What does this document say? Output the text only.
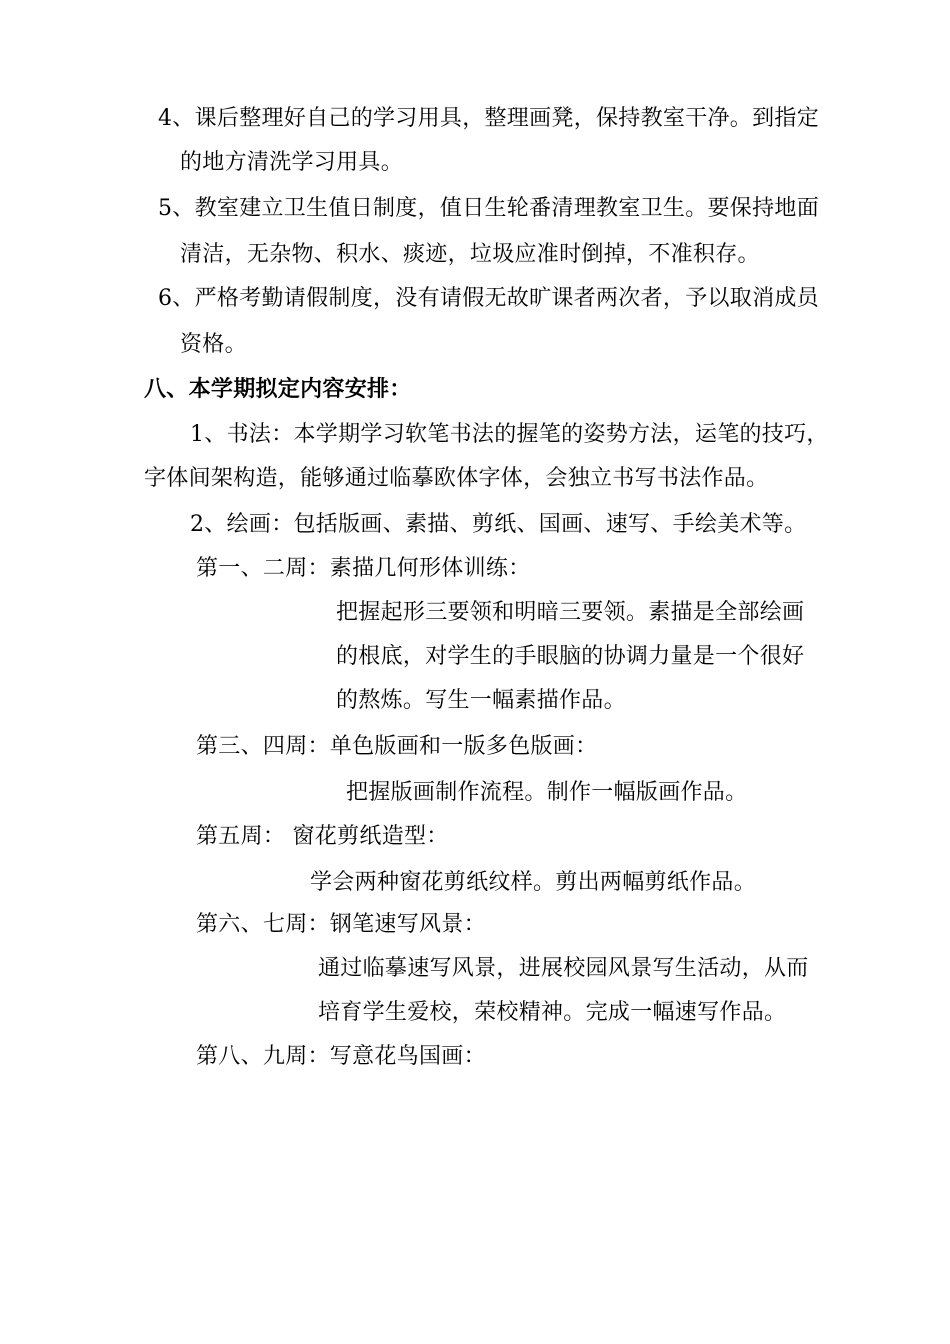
4、课后整理好自己的学习用具，整理画凳，保持教室干净。到指定
的地方清洗学习用具。
5、教室建立卫生值日制度，值日生轮番清理教室卫生。要保持地面
清洁，无杂物、积水、痰迹，垃圾应准时倒掉，不准积存。
6、严格考勤请假制度，没有请假无故旷课者两次者，予以取消成员
资格。
八、本学期拟定内容安排：
1、书法：本学期学习软笔书法的握笔的姿势方法，运笔的技巧，
字体间架构造，能够通过临摹欧体字体，会独立书写书法作品。
2、绘画：包括版画、素描、剪纸、国画、速写、手绘美术等。
第一、二周：素描几何形体训练：
把握起形三要领和明暗三要领。素描是全部绘画
的根底，对学生的手眼脑的协调力量是一个很好
的熬炼。写生一幅素描作品。
第三、四周：单色版画和一版多色版画：
把握版画制作流程。制作一幅版画作品。
第五周： 窗花剪纸造型：
学会两种窗花剪纸纹样。剪出两幅剪纸作品。
第六、七周：钢笔速写风景：
通过临摹速写风景，进展校园风景写生活动，从而
培育学生爱校，荣校精神。完成一幅速写作品。
第八、九周：写意花鸟国画：
